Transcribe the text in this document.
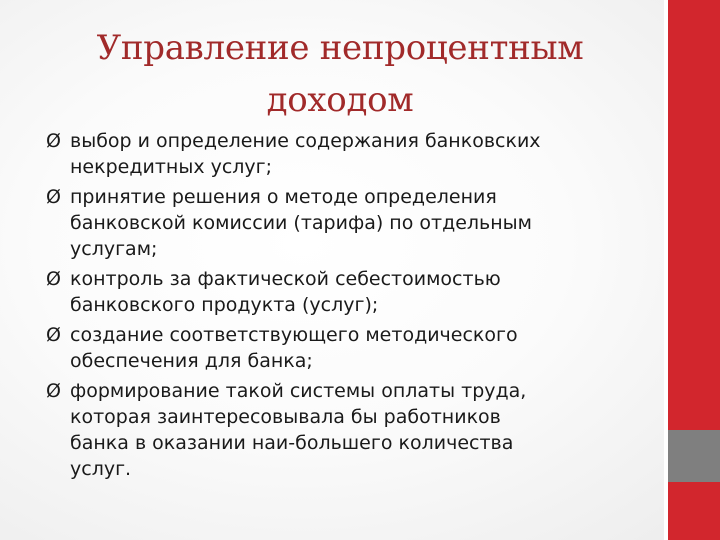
Управление непроцентным
доходом
Ø выбор и определение содержания банковских
некредитных услуг;
Ø принятие решения о методе определения
банковской комиссии (тарифа) по отдельным
услугам;
Ø контроль за фактической себестоимостью
банковского продукта (услуг);
Ø создание соответствующего методического
обеспечения для банка;
Ø формирование такой системы оплаты труда,
которая заинтересовывала бы работников
банка в оказании наи-большего количества
услуг.
